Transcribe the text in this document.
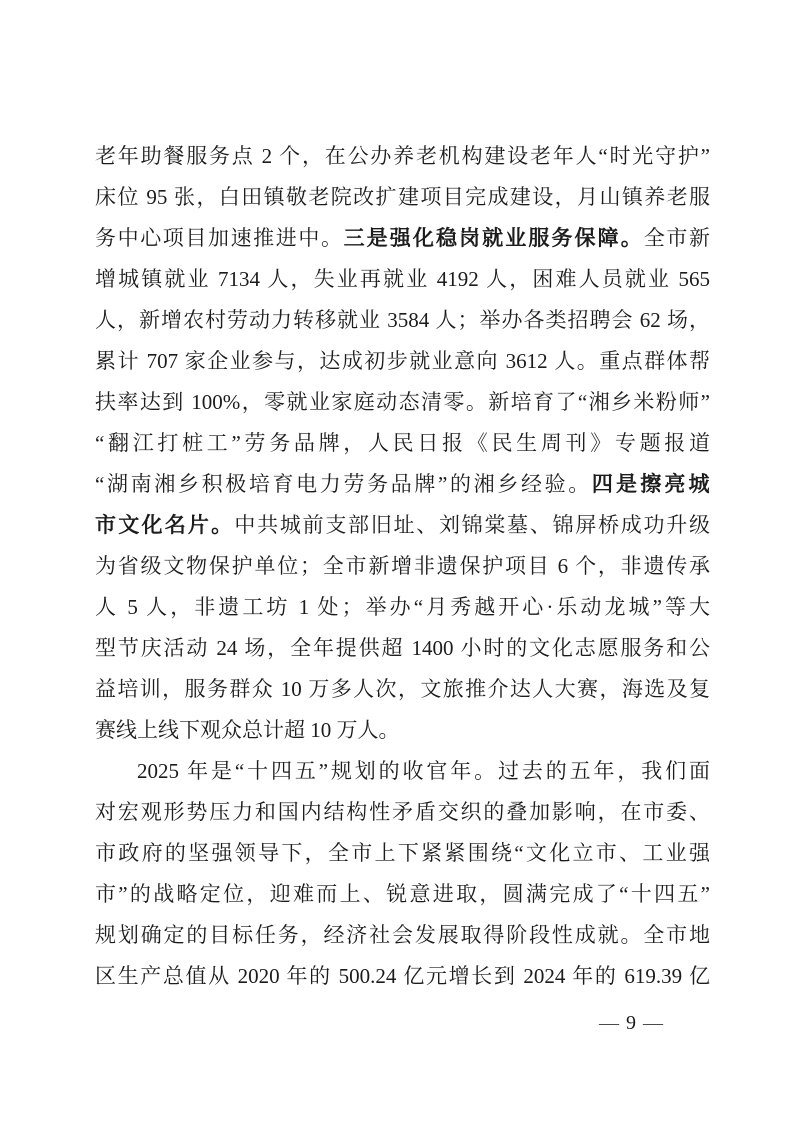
老年助餐服务点 2 个，在公办养老机构建设老年人“时光守护”
床位 95 张，白田镇敬老院改扩建项目完成建设，月山镇养老服
务中心项目加速推进中。三是强化稳岗就业服务保障。全市新
增城镇就业 7134 人，失业再就业 4192 人，困难人员就业 565
人，新增农村劳动力转移就业 3584 人；举办各类招聘会 62 场，
累计 707 家企业参与，达成初步就业意向 3612 人。重点群体帮
扶率达到 100%，零就业家庭动态清零。新培育了“湘乡米粉师”
“翻江打桩工”劳务品牌，人民日报《民生周刊》专题报道
“湖南湘乡积极培育电力劳务品牌”的湘乡经验。四是擦亮城
市文化名片。中共城前支部旧址、刘锦棠墓、锦屏桥成功升级
为省级文物保护单位；全市新增非遗保护项目 6 个，非遗传承
人 5 人，非遗工坊 1 处；举办“月秀越开心·乐动龙城”等大
型节庆活动 24 场，全年提供超 1400 小时的文化志愿服务和公
益培训，服务群众 10 万多人次，文旅推介达人大赛，海选及复
赛线上线下观众总计超 10 万人。
2025 年是“十四五”规划的收官年。过去的五年，我们面
对宏观形势压力和国内结构性矛盾交织的叠加影响，在市委、
市政府的坚强领导下，全市上下紧紧围绕“文化立市、工业强
市”的战略定位，迎难而上、锐意进取，圆满完成了“十四五”
规划确定的目标任务，经济社会发展取得阶段性成就。全市地
区生产总值从 2020 年的 500.24 亿元增长到 2024 年的 619.39 亿
— 9 —
